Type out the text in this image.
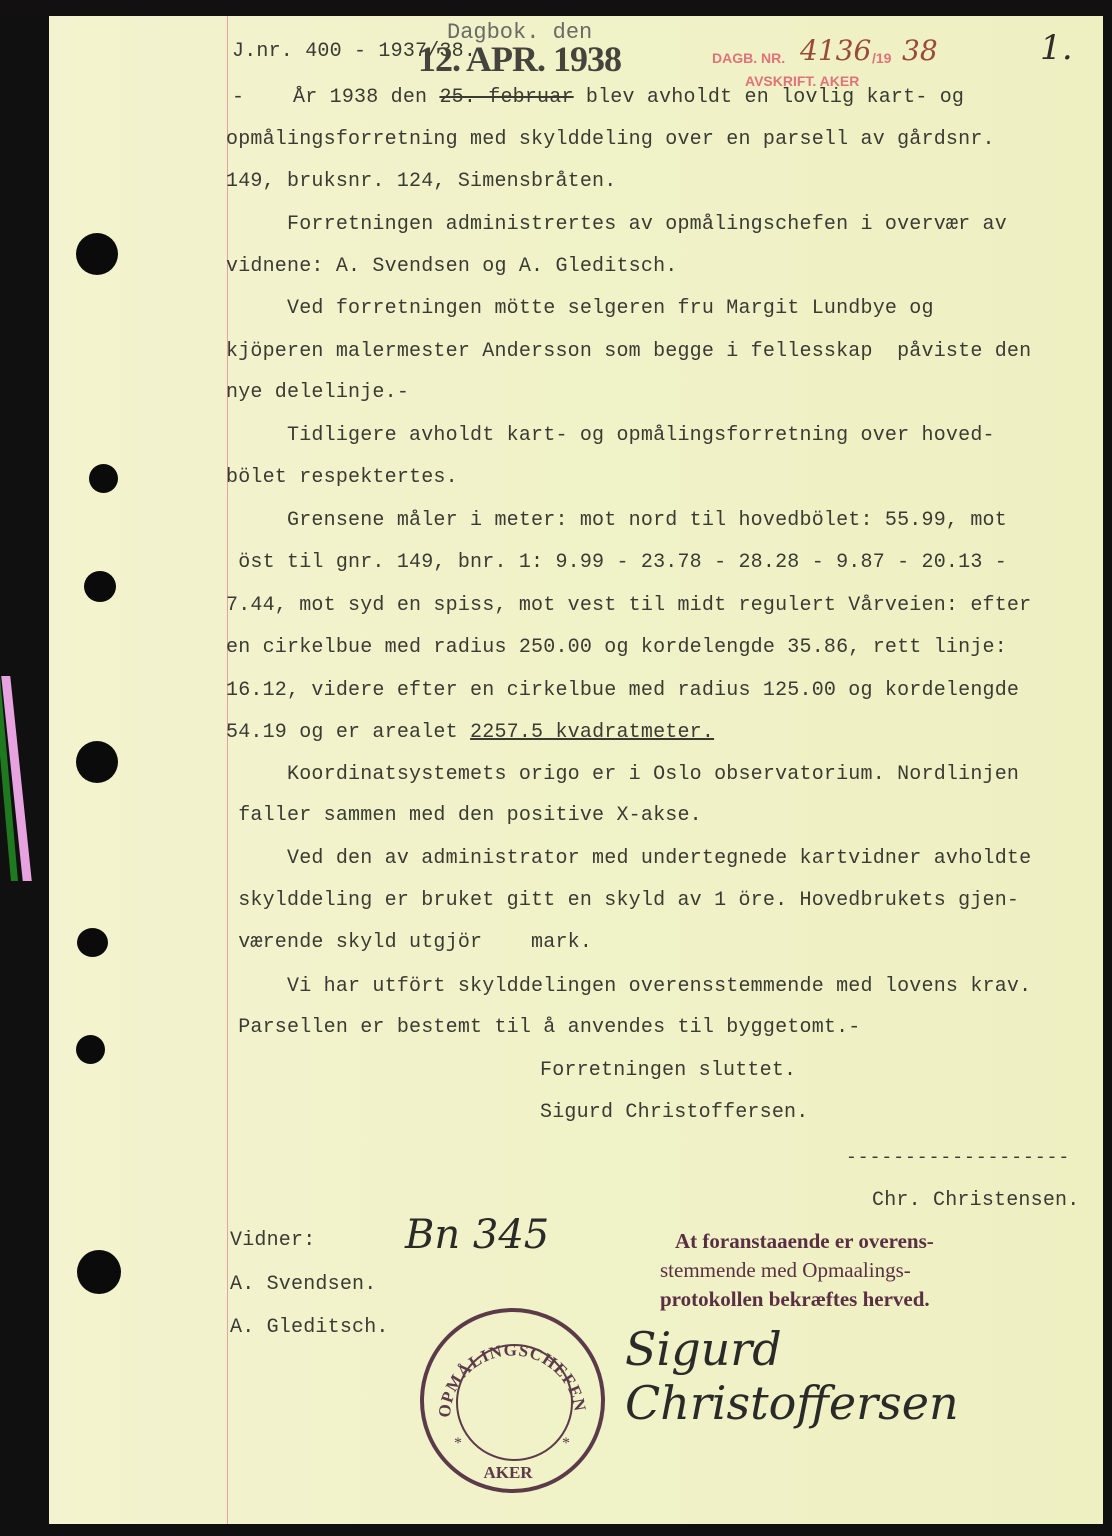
J.nr. 400 - 1937/38.
Dagbok. den
12. APR. 1938	DAGB. NR. 4136 /19 38
AVSKRIFT. AKER
1.
-    År 1938 den 25. februar blev avholdt en lovlig kart- og
opmålingsforretning med skylddeling over en parsell av gårdsnr.
149, bruksnr. 124, Simensbråten.
Forretningen administrertes av opmålingschefen i overvær av
vidnene: A. Svendsen og A. Gleditsch.
Ved forretningen mötte selgeren fru Margit Lundbye og
kjöperen malermester Andersson som begge i fellesskap  påviste den
nye delelinje.-
Tidligere avholdt kart- og opmålingsforretning over hoved-
bölet respektertes.
Grensene måler i meter: mot nord til hovedbölet: 55.99, mot
öst til gnr. 149, bnr. 1: 9.99 - 23.78 - 28.28 - 9.87 - 20.13 -
7.44, mot syd en spiss, mot vest til midt regulert Vårveien: efter
en cirkelbue med radius 250.00 og kordelengde 35.86, rett linje:
16.12, videre efter en cirkelbue med radius 125.00 og kordelengde
54.19 og er arealet 2257.5 kvadratmeter.
Koordinatsystemets origo er i Oslo observatorium. Nordlinjen
faller sammen med den positive X-akse.
Ved den av administrator med undertegnede kartvidner avholdte
skylddeling er bruket gitt en skyld av 1 öre. Hovedbrukets gjen-
værende skyld utgjör    mark.
Vi har utfört skylddelingen overensstemmende med lovens krav.
Parsellen er bestemt til å anvendes til byggetomt.-
Forretningen sluttet.
Sigurd Christoffersen.
-------------------
Chr. Christensen.
Vidner:
A. Svendsen.
A. Gleditsch.
Bn 345	At foranstaaende er overens-
stemmende med Opmaalings-
protokollen bekræftes herved.
Sigurd Christoffersen
OPMÅLINGSCHEFEN
AKER
*	*
